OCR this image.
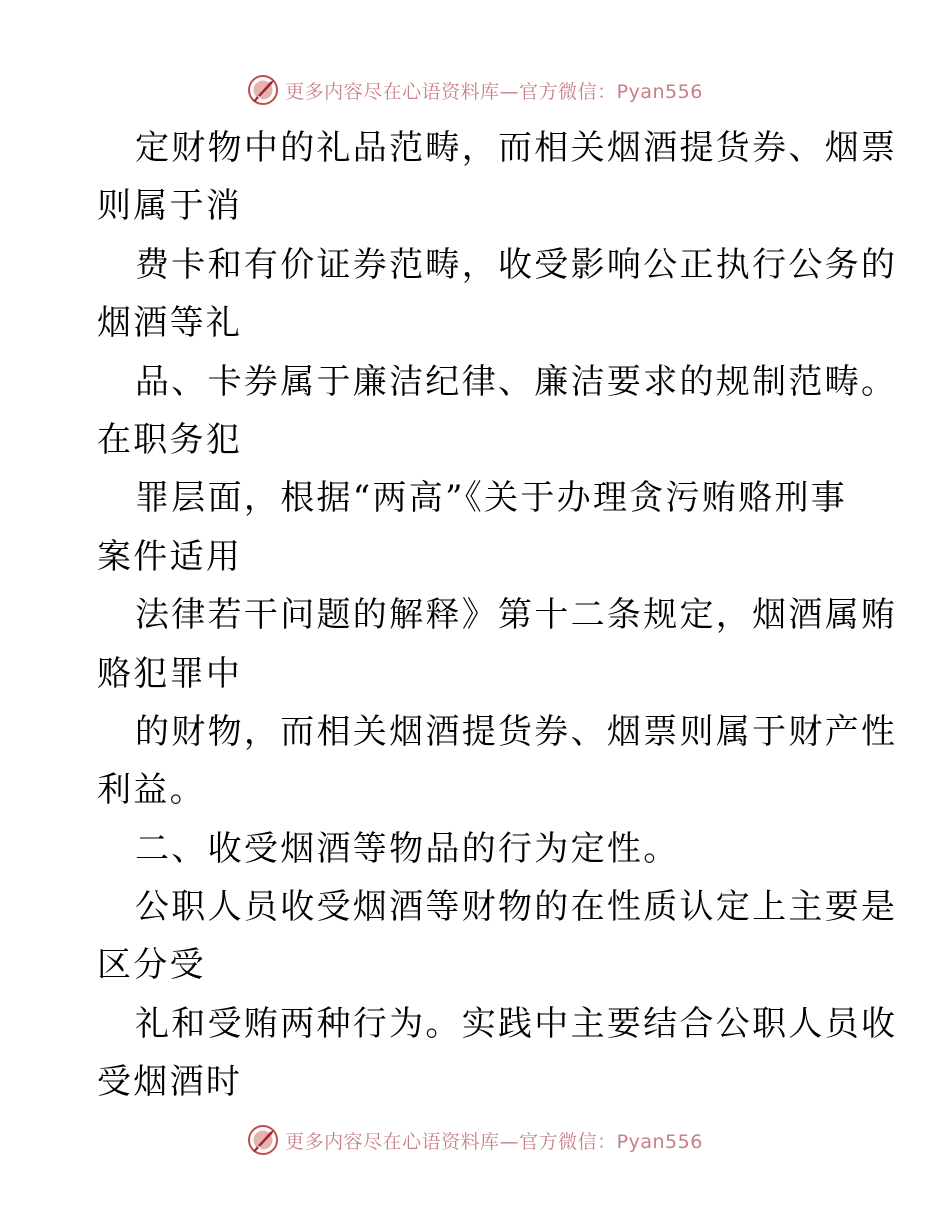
更多内容尽在心语资料库—官方微信：Pyan556
定财物中的礼品范畴，而相关烟酒提货券、烟票
则属于消
费卡和有价证券范畴，收受影响公正执行公务的
烟酒等礼
品、卡券属于廉洁纪律、廉洁要求的规制范畴。
在职务犯
罪层面，根据“两高”《关于办理贪污贿赂刑事
案件适用
法律若干问题的解释》第十二条规定，烟酒属贿
赂犯罪中
的财物，而相关烟酒提货券、烟票则属于财产性
利益。
二、收受烟酒等物品的行为定性。
公职人员收受烟酒等财物的在性质认定上主要是
区分受
礼和受贿两种行为。实践中主要结合公职人员收
受烟酒时
更多内容尽在心语资料库—官方微信：Pyan556
